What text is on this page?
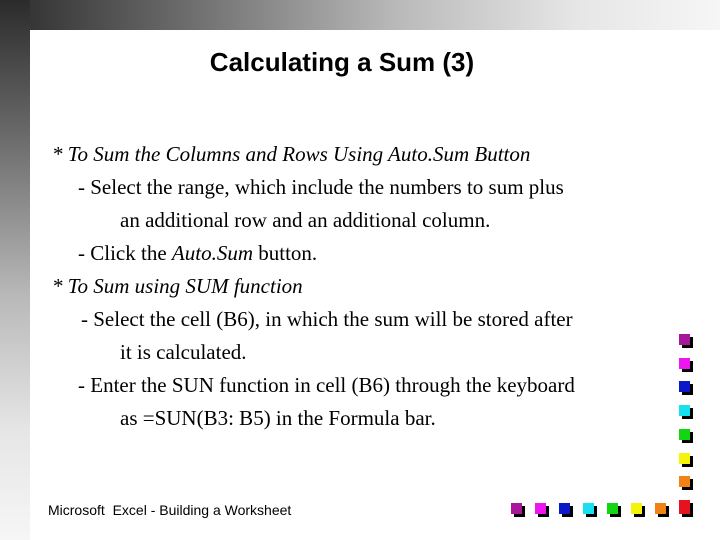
Calculating a Sum (3)
* To Sum the Columns and Rows Using Auto.Sum Button
- Select the range, which include the numbers to sum plus
an additional row and an additional column.
- Click the Auto.Sum button.
* To Sum using SUM function
- Select the cell (B6), in which the sum will be stored after
it is calculated.
- Enter the SUN function in cell (B6) through the keyboard
as =SUN(B3: B5) in the Formula bar.
Microsoft  Excel - Building a Worksheet
